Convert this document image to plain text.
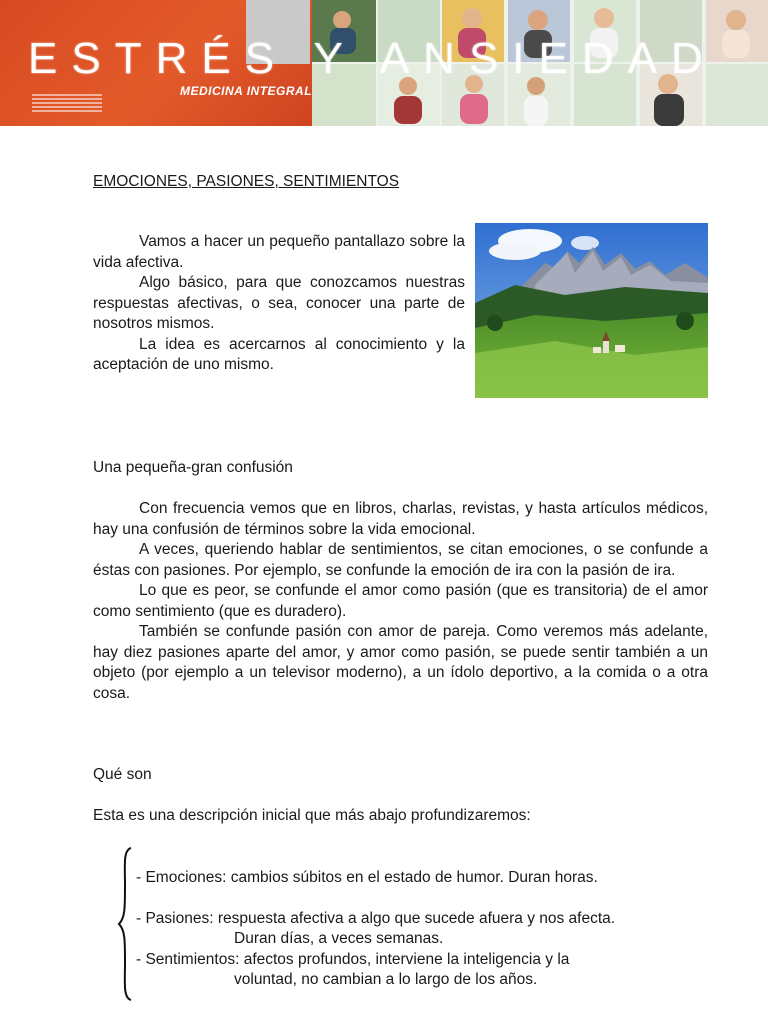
ESTRÉS Y ANSIEDAD
MEDICINA INTEGRAL
EMOCIONES, PASIONES, SENTIMIENTOS

Vamos a hacer un pequeño pantallazo sobre la vida afectiva.

Algo básico, para que conozcamos nuestras respuestas afectivas, o sea, conocer una parte de nosotros mismos.

La idea es acercarnos al conocimiento y la aceptación de uno mismo.

Una pequeña-gran confusión

Con frecuencia vemos que en libros, charlas, revistas, y hasta artículos médicos, hay una confusión de términos sobre la vida emocional.

A veces, queriendo hablar de sentimientos, se citan emociones, o se confunde a éstas con pasiones. Por ejemplo, se confunde la emoción de ira con la pasión de ira.

Lo que es peor, se confunde el amor como pasión (que es transitoria) de el amor como sentimiento (que es duradero).

También se confunde pasión con amor de pareja. Como veremos más adelante, hay diez pasiones aparte del amor, y amor como pasión, se puede sentir también a un objeto (por ejemplo a un televisor moderno), a un ídolo deportivo, a la comida o a otra cosa.

Qué son
Esta es una descripción inicial que más abajo profundizaremos:

- Emociones: cambios súbitos en el estado de humor. Duran horas.

- Pasiones: respuesta afectiva a algo que sucede afuera y nos afecta.

Duran días, a veces semanas.

- Sentimientos: afectos profundos, interviene la inteligencia y la

voluntad, no cambian a lo largo de los años.
